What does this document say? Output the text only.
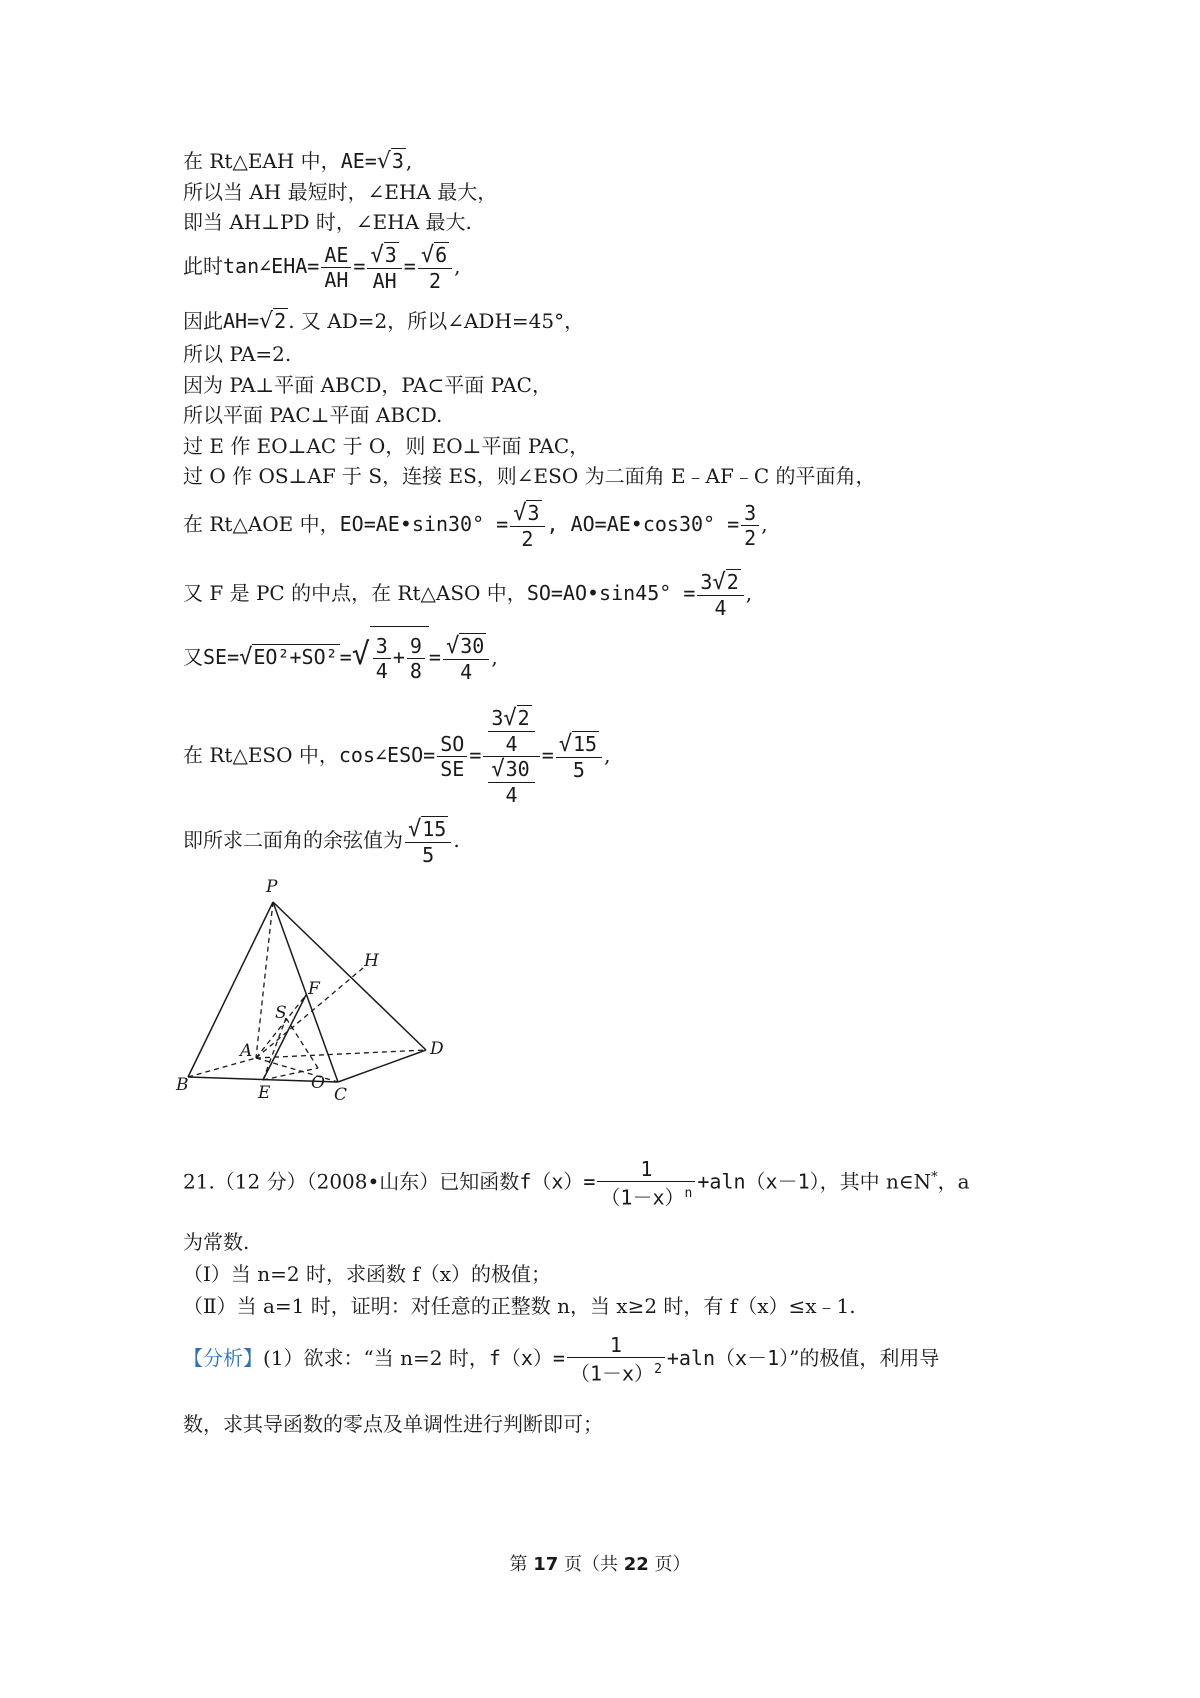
在 Rt△EAH 中，AE=√3 ,
所以当 AH 最短时，∠EHA 最大，
即当 AH⊥PD 时，∠EHA 最大.
此时tan∠EHA= $\frac{AE}{AH} = \frac{√3}{AH} = \frac{√6}{2}$ ,
因此AH=√2 . 又 AD=2，所以∠ADH=45°，
所以 PA=2.
因为 PA⊥平面 ABCD，PA⊂平面 PAC，
所以平面 PAC⊥平面 ABCD.
过 E 作 EO⊥AC 于 O，则 EO⊥平面 PAC，
过 O 作 OS⊥AF 于 S，连接 ES，则∠ESO 为二面角 E﹣AF﹣C 的平面角，
在 Rt△AOE 中，EO=AE•sin30° = $\frac{√3}{2}$ , AO=AE•cos30° = $\frac{3}{2}$ ,
又 F 是 PC 的中点，在 Rt△ASO 中，SO=AO•sin45° = $\frac{3√2}{4}$ ,
又SE=√EO²+SO² =√ $\frac{3}{4} + \frac{9}{8} = \frac{√30}{4}$ ,
在 Rt△ESO 中，cos∠ESO= $\frac{SO}{SE} = \frac{\frac{3√2}{4}}{\frac{√30}{4}} = \frac{√15}{5}$ ,
即所求二面角的余弦值为 $\frac{√15}{5}$ .
P
H
F
S
A	D
B	E O
C
21.（12 分）（2008•山东）已知函数$f(x)= \frac{1}{(1-x)^n} +aln(x-1)$，其中 n∈N*，a
为常数.
（Ⅰ）当 n=2 时，求函数 f（x）的极值；
（Ⅱ）当 a=1 时，证明：对任意的正整数 n，当 x≥2 时，有 f（x）≤x﹣1.
【分析】(1）欲求：“当 n=2 时，$f(x)= \frac{1}{(1-x)^2} +aln(x-1)$”的极值，利用导
数，求其导函数的零点及单调性进行判断即可；
第 17 页（共 22 页）
